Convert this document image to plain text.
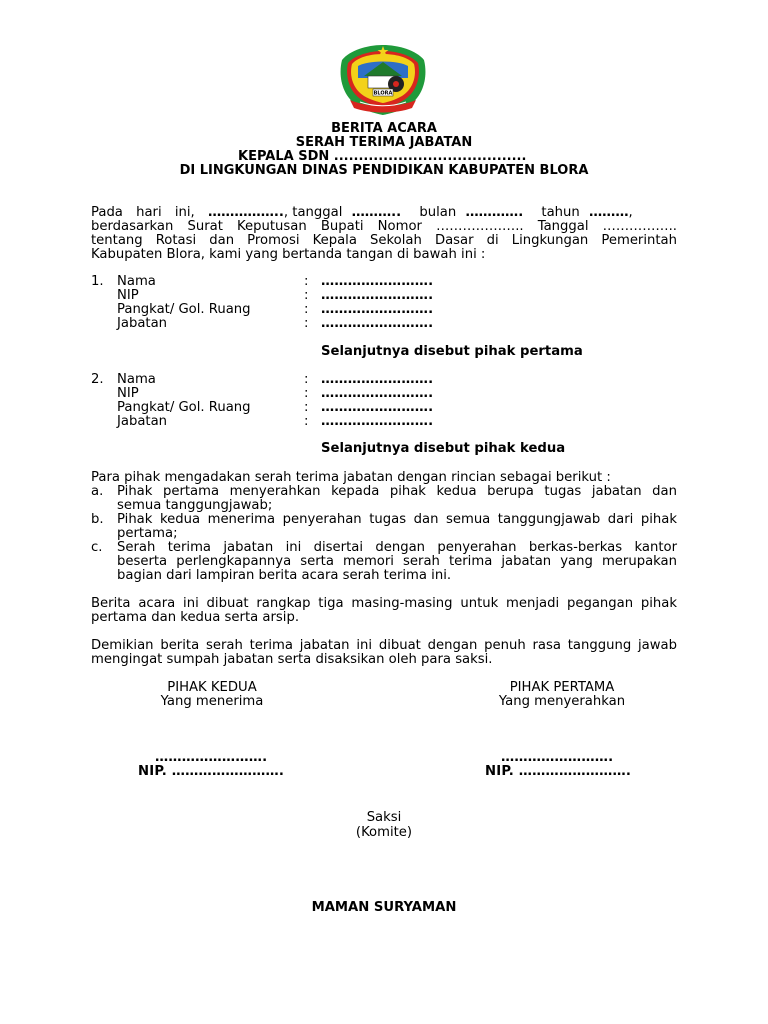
BLORA
BERITA ACARA
SERAH TERIMA JABATAN
KEPALA SDN .......................................
DI LINGKUNGAN DINAS PENDIDIKAN KABUPATEN BLORA
Pada hari ini, …………….., tanggal ……….. bulan …………. tahun ………,
berdasarkan Surat Keputusan Bupati Nomor ……………….. Tanggal ……………..
tentang Rotasi dan Promosi Kepala Sekolah Dasar di Lingkungan Pemerintah
Kabupaten Blora, kami yang bertanda tangan di bawah ini :
1. Nama	: …………………….
NIP	: …………………….
Pangkat/ Gol. Ruang	: …………………….
Jabatan	: …………………….
Selanjutnya disebut pihak pertama
2. Nama	: …………………….
NIP	: …………………….
Pangkat/ Gol. Ruang	: …………………….
Jabatan	: …………………….
Selanjutnya disebut pihak kedua
Para pihak mengadakan serah terima jabatan dengan rincian sebagai berikut :
a. Pihak pertama menyerahkan kepada pihak kedua berupa tugas jabatan dan
semua tanggungjawab;
b. Pihak kedua menerima penyerahan tugas dan semua tanggungjawab dari pihak
pertama;
c. Serah terima jabatan ini disertai dengan penyerahan berkas-berkas kantor
beserta perlengkapannya serta memori serah terima jabatan yang merupakan
bagian dari lampiran berita acara serah terima ini.
Berita acara ini dibuat rangkap tiga masing-masing untuk menjadi pegangan pihak
pertama dan kedua serta arsip.
Demikian berita serah terima jabatan ini dibuat dengan penuh rasa tanggung jawab
mengingat sumpah jabatan serta disaksikan oleh para saksi.
PIHAK KEDUA
Yang menerima
PIHAK PERTAMA
Yang menyerahkan
…………………….
NIP. …………………….
…………………….
NIP. …………………….
Saksi
(Komite)
MAMAN SURYAMAN
